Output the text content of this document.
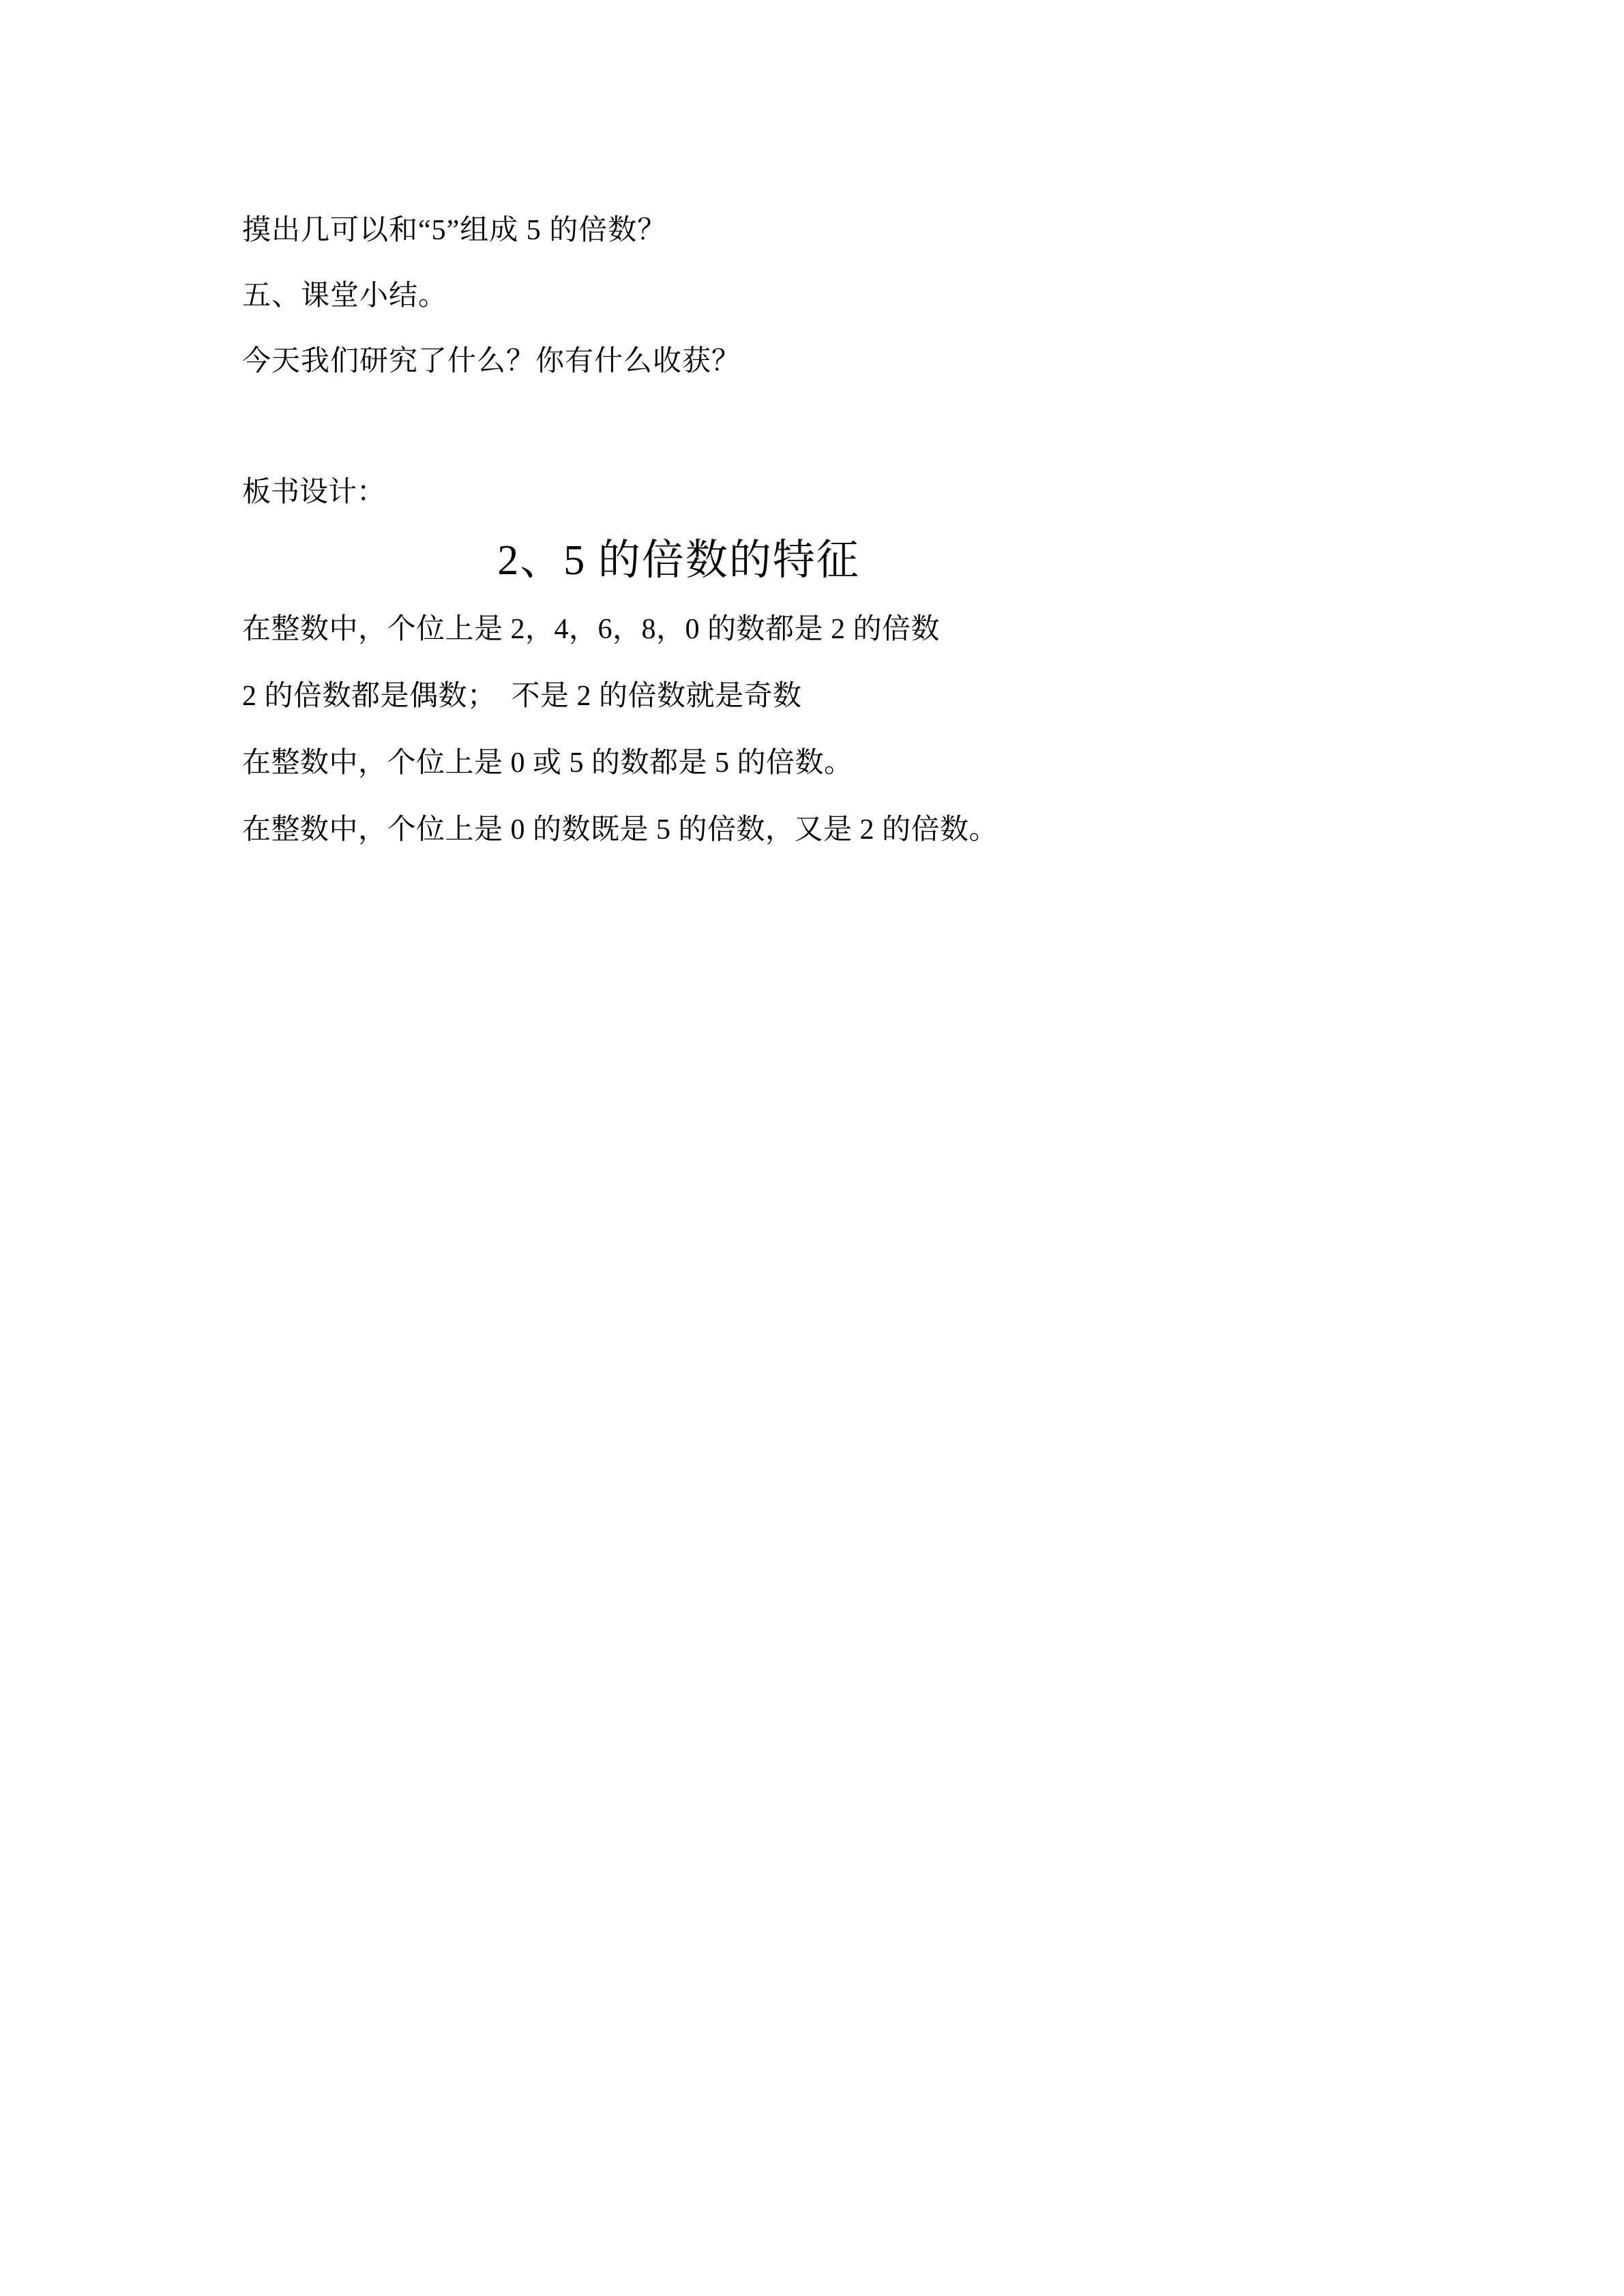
摸出几可以和“5”组成 5 的倍数？
五、课堂小结。
今天我们研究了什么？你有什么收获？
板书设计：
2、5 的倍数的特征
在整数中，个位上是 2，4，6，8，0 的数都是 2 的倍数
2 的倍数都是偶数；  不是 2 的倍数就是奇数
在整数中，个位上是 0 或 5 的数都是 5 的倍数。
在整数中，个位上是 0 的数既是 5 的倍数，又是 2 的倍数。
